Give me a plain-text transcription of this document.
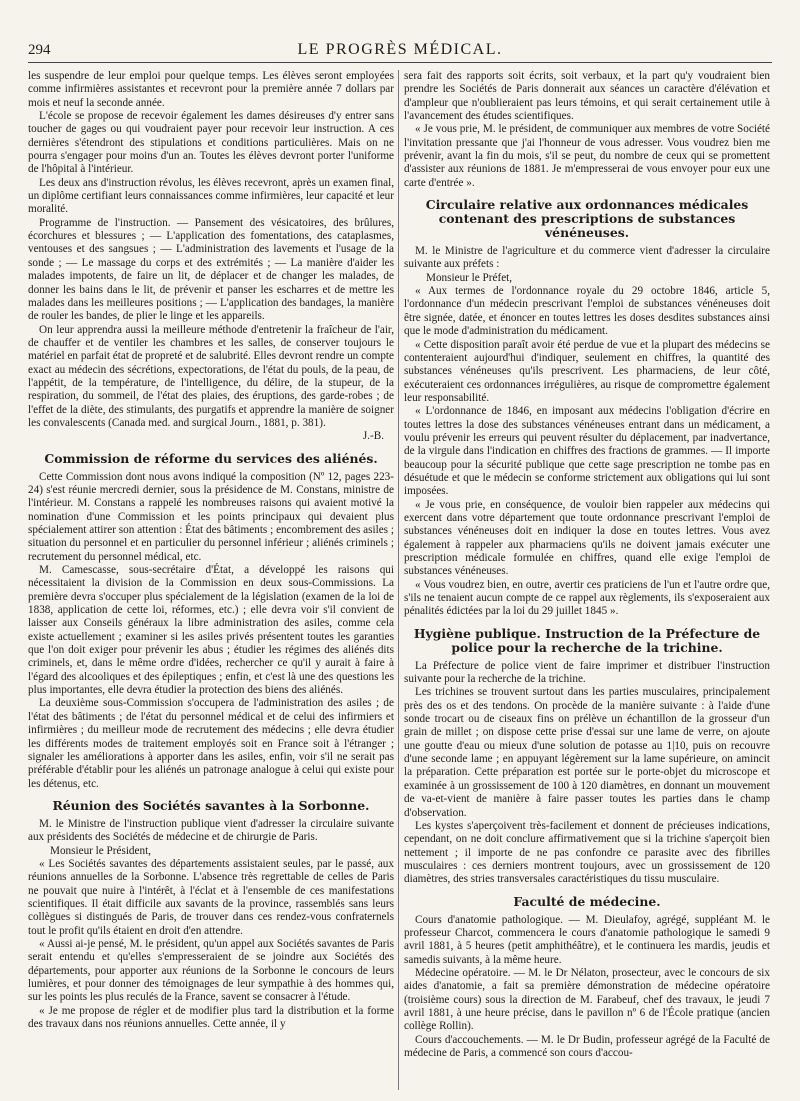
294	LE PROGRÈS MÉDICAL.

les suspendre de leur emploi pour quelque temps. Les élèves seront employées comme infirmières assistantes et recevront pour la première année 7 dollars par mois et neuf la seconde année.

L'école se propose de recevoir également les dames désireuses d'y entrer sans toucher de gages ou qui voudraient payer pour recevoir leur instruction. A ces dernières s'étendront des stipulations et conditions particulières. Mais on ne pourra s'engager pour moins d'un an. Toutes les élèves devront porter l'uniforme de l'hôpital à l'intérieur.

Les deux ans d'instruction révolus, les élèves recevront, après un examen final, un diplôme certifiant leurs connaissances comme infirmières, leur capacité et leur moralité.

Programme de l'instruction. — Pansement des vésicatoires, des brûlures, écorchures et blessures ; — L'application des fomentations, des cataplasmes, ventouses et des sangsues ; — L'administration des lavements et l'usage de la sonde ; — Le massage du corps et des extrémités ; — La manière d'aider les malades impotents, de faire un lit, de déplacer et de changer les malades, de donner les bains dans le lit, de prévenir et panser les escharres et de mettre les malades dans les meilleures positions ; — L'application des bandages, la manière de rouler les bandes, de plier le linge et les appareils.

On leur apprendra aussi la meilleure méthode d'entretenir la fraîcheur de l'air, de chauffer et de ventiler les chambres et les salles, de conserver toujours le matériel en parfait état de propreté et de salubrité. Elles devront rendre un compte exact au médecin des sécrétions, expectorations, de l'état du pouls, de la peau, de l'appétit, de la température, de l'intelligence, du délire, de la stupeur, de la respiration, du sommeil, de l'état des plaies, des éruptions, des garde-robes ; de l'effet de la diète, des stimulants, des purgatifs et apprendre la manière de soigner les convalescents (Canada med. and surgical Journ., 1881, p. 381).

J.-B.

Commission de réforme du services des aliénés.

Cette Commission dont nous avons indiqué la composition (Nº 12, pages 223-24) s'est réunie mercredi dernier, sous la présidence de M. Constans, ministre de l'intérieur. M. Constans a rappelé les nombreuses raisons qui avaient motivé la nomination d'une Commission et les points principaux qui devaient plus spécialement attirer son attention : État des bâtiments ; encombrement des asiles ; situation du personnel et en particulier du personnel inférieur ; aliénés criminels ; recrutement du personnel médical, etc.

M. Camescasse, sous-secrétaire d'État, a développé les raisons qui nécessitaient la division de la Commission en deux sous-Commissions. La première devra s'occuper plus spécialement de la législation (examen de la loi de 1838, application de cette loi, réformes, etc.) ; elle devra voir s'il convient de laisser aux Conseils généraux la libre administration des asiles, comme cela existe actuellement ; examiner si les asiles privés présentent toutes les garanties que l'on doit exiger pour prévenir les abus ; étudier les régimes des aliénés dits criminels, et, dans le même ordre d'idées, rechercher ce qu'il y aurait à faire à l'égard des alcooliques et des épileptiques ; enfin, et c'est là une des questions les plus importantes, elle devra étudier la protection des biens des aliénés.

La deuxième sous-Commission s'occupera de l'administration des asiles ; de l'état des bâtiments ; de l'état du personnel médical et de celui des infirmiers et infirmières ; du meilleur mode de recrutement des médecins ; elle devra étudier les différents modes de traitement employés soit en France soit à l'étranger ; signaler les améliorations à apporter dans les asiles, enfin, voir s'il ne serait pas préférable d'établir pour les aliénés un patronage analogue à celui qui existe pour les détenus, etc.

Réunion des Sociétés savantes à la Sorbonne.

M. le Ministre de l'instruction publique vient d'adresser la circulaire suivante aux présidents des Sociétés de médecine et de chirurgie de Paris.

Monsieur le Président,

« Les Sociétés savantes des départements assistaient seules, par le passé, aux réunions annuelles de la Sorbonne. L'absence très regrettable de celles de Paris ne pouvait que nuire à l'intérêt, à l'éclat et à l'ensemble de ces manifestations scientifiques. Il était difficile aux savants de la province, rassemblés sans leurs collègues si distingués de Paris, de trouver dans ces rendez-vous confraternels tout le profit qu'ils étaient en droit d'en attendre.

« Aussi ai-je pensé, M. le président, qu'un appel aux Sociétés savantes de Paris serait entendu et qu'elles s'empresseraient de se joindre aux Sociétés des départements, pour apporter aux réunions de la Sorbonne le concours de leurs lumières, et pour donner des témoignages de leur sympathie à des hommes qui, sur les points les plus reculés de la France, savent se consacrer à l'étude.

« Je me propose de régler et de modifier plus tard la distribution et la forme des travaux dans nos réunions annuelles. Cette année, il y

sera fait des rapports soit écrits, soit verbaux, et la part qu'y voudraient bien prendre les Sociétés de Paris donnerait aux séances un caractère d'élévation et d'ampleur que n'oublieraient pas leurs témoins, et qui serait certainement utile à l'avancement des études scientifiques.

« Je vous prie, M. le président, de communiquer aux membres de votre Société l'invitation pressante que j'ai l'honneur de vous adresser. Vous voudrez bien me prévenir, avant la fin du mois, s'il se peut, du nombre de ceux qui se promettent d'assister aux réunions de 1881. Je m'empresserai de vous envoyer pour eux une carte d'entrée ».

Circulaire relative aux ordonnances médicales contenant des prescriptions de substances vénéneuses.

M. le Ministre de l'agriculture et du commerce vient d'adresser la circulaire suivante aux préfets :

Monsieur le Préfet,

« Aux termes de l'ordonnance royale du 29 octobre 1846, article 5, l'ordonnance d'un médecin prescrivant l'emploi de substances vénéneuses doit être signée, datée, et énoncer en toutes lettres les doses desdites substances ainsi que le mode d'administration du médicament.

« Cette disposition paraît avoir été perdue de vue et la plupart des médecins se contenteraient aujourd'hui d'indiquer, seulement en chiffres, la quantité des substances vénéneuses qu'ils prescrivent. Les pharmaciens, de leur côté, exécuteraient ces ordonnances irrégulières, au risque de compromettre également leur responsabilité.

« L'ordonnance de 1846, en imposant aux médecins l'obligation d'écrire en toutes lettres la dose des substances vénéneuses entrant dans un médicament, a voulu prévenir les erreurs qui peuvent résulter du déplacement, par inadvertance, de la virgule dans l'indication en chiffres des fractions de grammes. — Il importe beaucoup pour la sécurité publique que cette sage prescription ne tombe pas en désuétude et que le médecin se conforme strictement aux obligations qui lui sont imposées.

« Je vous prie, en conséquence, de vouloir bien rappeler aux médecins qui exercent dans votre département que toute ordonnance prescrivant l'emploi de substances vénéneuses doit en indiquer la dose en toutes lettres. Vous avez également à rappeler aux pharmaciens qu'ils ne doivent jamais exécuter une prescription médicale formulée en chiffres, quand elle exige l'emploi de substances vénéneuses.

« Vous voudrez bien, en outre, avertir ces praticiens de l'un et l'autre ordre que, s'ils ne tenaient aucun compte de ce rappel aux règlements, ils s'exposeraient aux pénalités édictées par la loi du 29 juillet 1845 ».

Hygiène publique. Instruction de la Préfecture de police pour la recherche de la trichine.

La Préfecture de police vient de faire imprimer et distribuer l'instruction suivante pour la recherche de la trichine.

Les trichines se trouvent surtout dans les parties musculaires, principalement près des os et des tendons. On procède de la manière suivante : à l'aide d'une sonde trocart ou de ciseaux fins on prélève un échantillon de la grosseur d'un grain de millet ; on dispose cette prise d'essai sur une lame de verre, on ajoute une goutte d'eau ou mieux d'une solution de potasse au 1|10, puis on recouvre d'une seconde lame ; en appuyant légèrement sur la lame supérieure, on amincit la préparation. Cette préparation est portée sur le porte-objet du microscope et examinée à un grossissement de 100 à 120 diamètres, en donnant un mouvement de va-et-vient de manière à faire passer toutes les parties dans le champ d'observation.

Les kystes s'aperçoivent très-facilement et donnent de précieuses indications, cependant, on ne doit conclure affirmativement que si la trichine s'aperçoit bien nettement ; il importe de ne pas confondre ce parasite avec des fibrilles musculaires : ces derniers montrent toujours, avec un grossissement de 120 diamètres, des stries transversales caractéristiques du tissu musculaire.

Faculté de médecine.

Cours d'anatomie pathologique. — M. Dieulafoy, agrégé, suppléant M. le professeur Charcot, commencera le cours d'anatomie pathologique le samedi 9 avril 1881, à 5 heures (petit amphithéâtre), et le continuera les mardis, jeudis et samedis suivants, à la même heure.

Médecine opératoire. — M. le Dr Nélaton, prosecteur, avec le concours de six aides d'anatomie, a fait sa première démonstration de médecine opératoire (troisième cours) sous la direction de M. Farabeuf, chef des travaux, le jeudi 7 avril 1881, à une heure précise, dans le pavillon nº 6 de l'École pratique (ancien collège Rollin).

Cours d'accouchements. — M. le Dr Budin, professeur agrégé de la Faculté de médecine de Paris, a commencé son cours d'accou-
